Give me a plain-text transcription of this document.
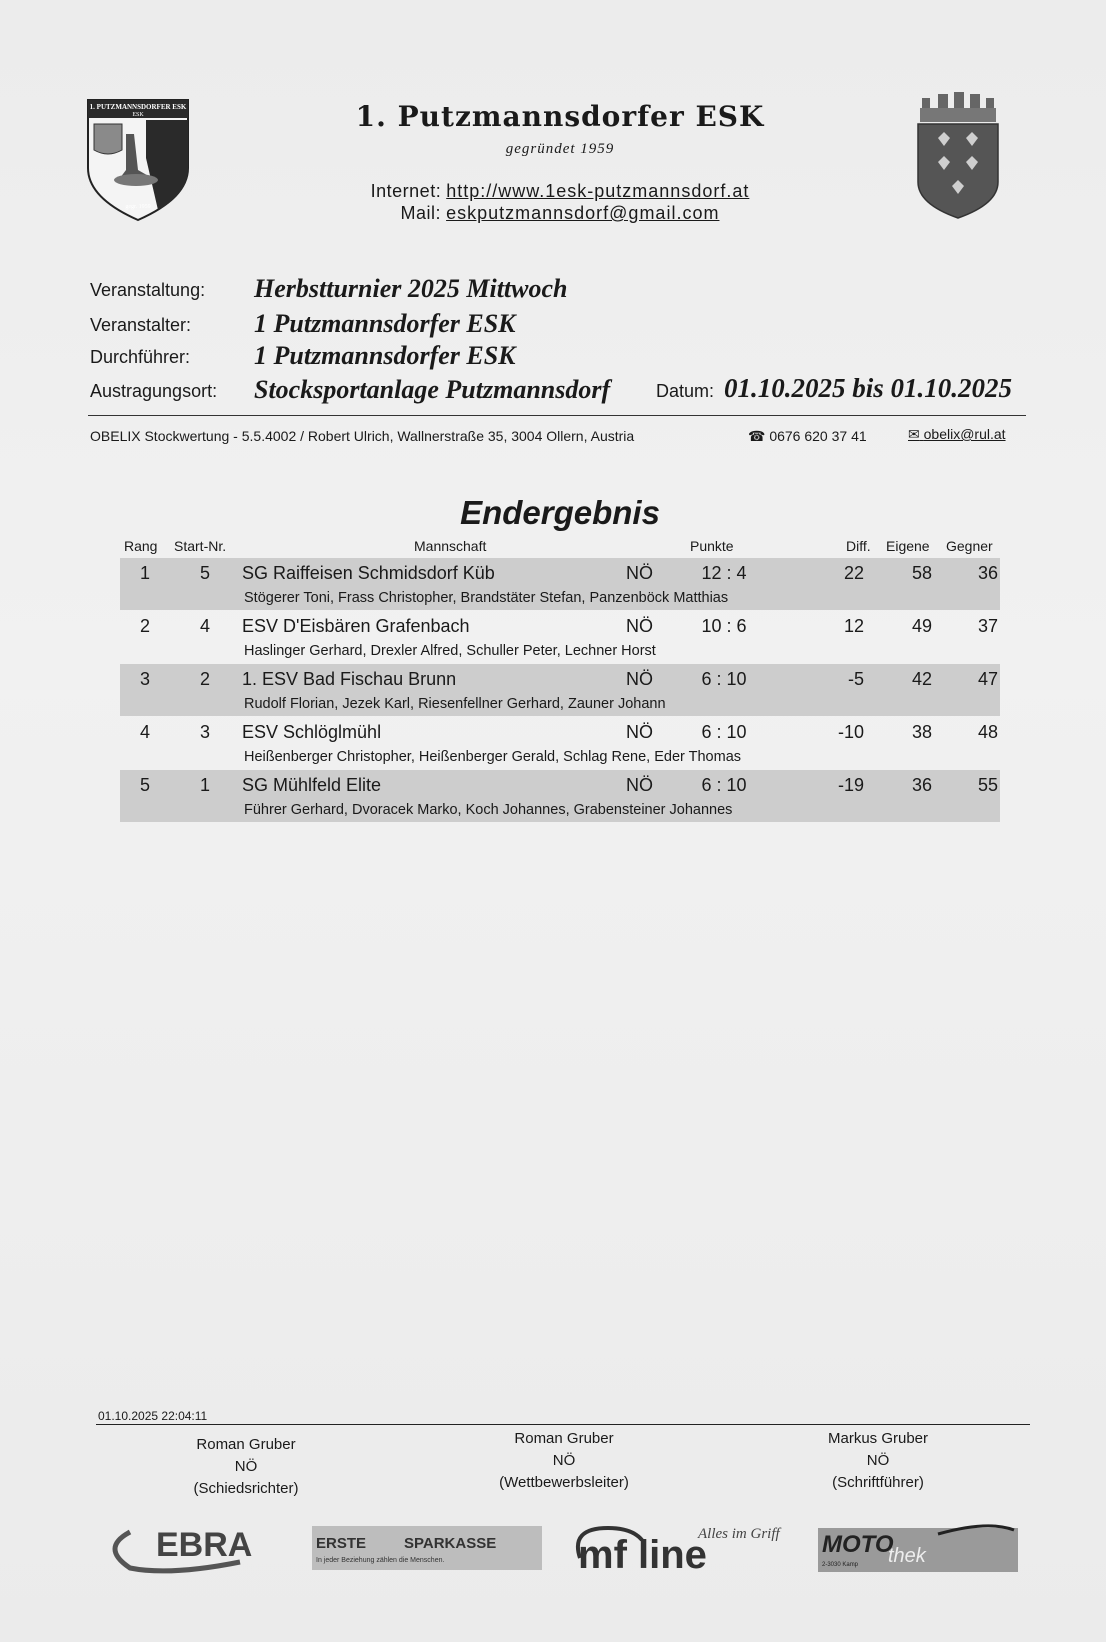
1. PUTZMANNSDORFER ESK
ESK
gegr. 1959
1. Putzmannsdorfer ESK
gegründet 1959
Internet: http://www.1esk-putzmannsdorf.at
Mail: eskputzmannsdorf@gmail.com
Veranstaltung: Herbstturnier 2025 Mittwoch
Veranstalter: 1 Putzmannsdorfer ESK
Durchführer: 1 Putzmannsdorfer ESK
Austragungsort: Stocksportanlage Putzmannsdorf	Datum: 01.10.2025 bis 01.10.2025
OBELIX Stockwertung - 5.5.4002 / Robert Ulrich, Wallnerstraße 35, 3004 Ollern, Austria	☎ 0676 620 37 41	✉ obelix@rul.at
Endergebnis
Rang Start-Nr.	Mannschaft	Punkte	Diff. Eigene Gegner
1	5	SG Raiffeisen Schmidsdorf Küb	NÖ	12 : 4	22	58	36
Stögerer Toni, Frass Christopher, Brandstäter Stefan, Panzenböck Matthias
2	4	ESV D'Eisbären Grafenbach	NÖ	10 : 6	12	49	37
Haslinger Gerhard, Drexler Alfred, Schuller Peter, Lechner Horst
3	2	1. ESV Bad Fischau Brunn	NÖ	6 : 10	-5	42	47
Rudolf Florian, Jezek Karl, Riesenfellner Gerhard, Zauner Johann
4	3	ESV Schlöglmühl	NÖ	6 : 10	-10	38	48
Heißenberger Christopher, Heißenberger Gerald, Schlag Rene, Eder Thomas
5	1	SG Mühlfeld Elite	NÖ	6 : 10	-19	36	55
Führer Gerhard, Dvoracek Marko, Koch Johannes, Grabensteiner Johannes
01.10.2025 22:04:11
Roman Gruber
NÖ
(Schiedsrichter)
Roman Gruber
NÖ
(Wettbewerbsleiter)
Markus Gruber
NÖ
(Schriftführer)
EBRA	ERSTE	SPARKASSE
In jeder Beziehung zählen die Menschen.	mf line
Alles im Griff MOTO
thek
2-3030 Kamp
